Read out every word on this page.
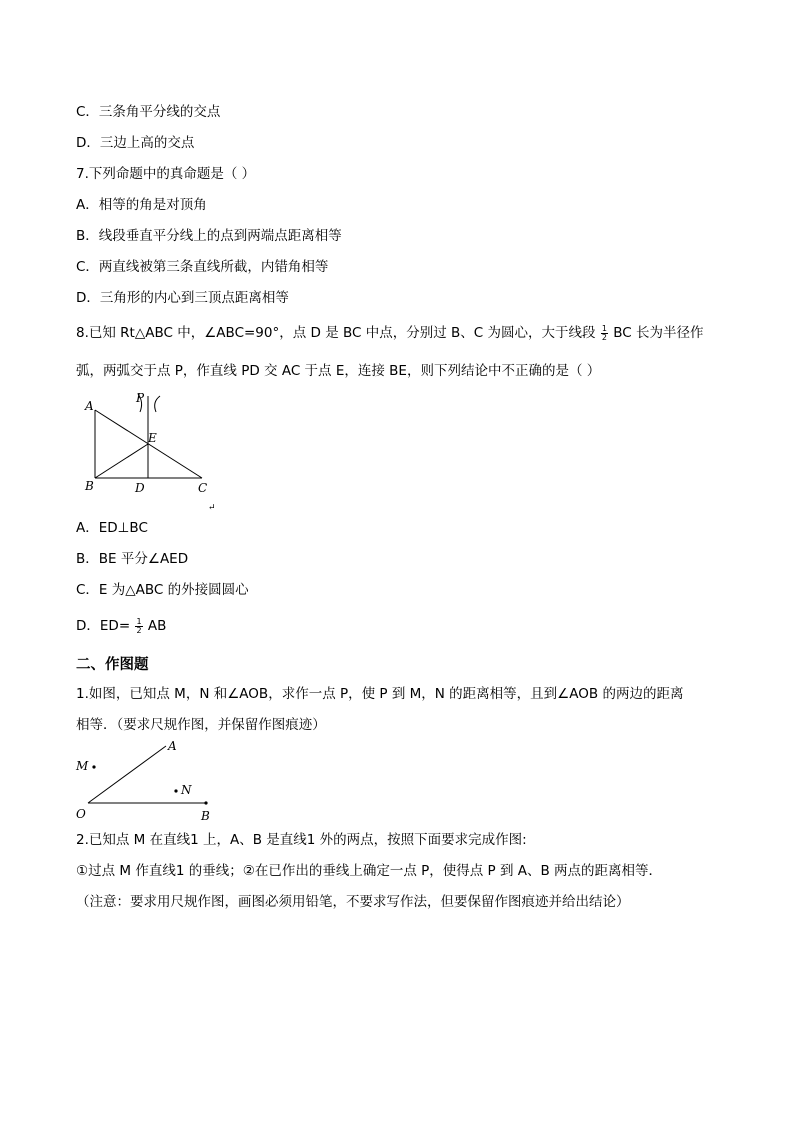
C．三条角平分线的交点
D．三边上高的交点
7.下列命题中的真命题是（ ）
A．相等的角是对顶角
B．线段垂直平分线上的点到两端点距离相等
C．两直线被第三条直线所截，内错角相等
D．三角形的内心到三顶点距离相等
8.已知 Rt△ABC 中，∠ABC=90°，点 D 是 BC 中点，分别过 B、C 为圆心，大于线段 $\frac{1}{2}$ BC 长为半径作
弧，两弧交于点 P，作直线 PD 交 AC 于点 E，连接 BE，则下列结论中不正确的是（ ）
A
P
E
B	D	C
↵
A．ED⊥BC
B．BE 平分∠AED
C．E 为△ABC 的外接圆圆心
D．$ED= \frac{1}{2}$ AB
二、作图题
1.如图，已知点 M，N 和∠AOB，求作一点 P，使 P 到 M，N 的距离相等，且到∠AOB 的两边的距离
相等．（要求尺规作图，并保留作图痕迹）
M
A
N
O	B
2.已知点 M 在直线1 上，A、B 是直线1 外的两点，按照下面要求完成作图:
①过点 M 作直线1 的垂线；②在已作出的垂线上确定一点 P，使得点 P 到 A、B 两点的距离相等．
（注意：要求用尺规作图，画图必须用铅笔，不要求写作法，但要保留作图痕迹并给出结论）
